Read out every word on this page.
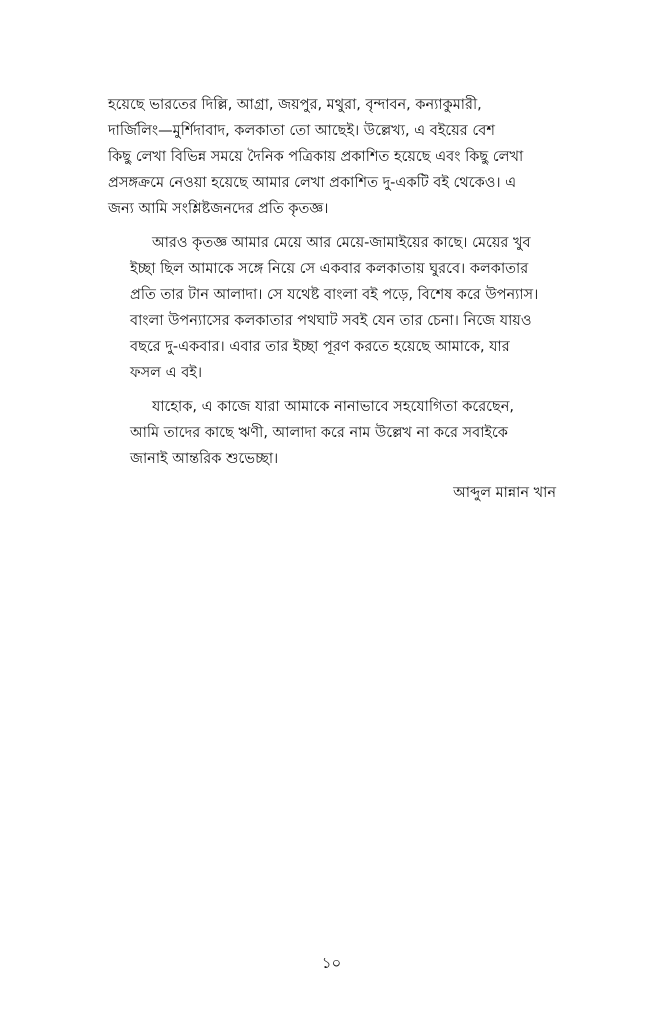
হয়েছে ভারতের দিল্লি, আগ্রা, জয়পুর, মথুরা, বৃন্দাবন, কন্যাকুমারী,
দার্জিলিং—মুর্শিদাবাদ, কলকাতা তো আছেই। উল্লেখ্য, এ বইয়ের বেশ
কিছু লেখা বিভিন্ন সময়ে দৈনিক পত্রিকায় প্রকাশিত হয়েছে এবং কিছু লেখা
প্রসঙ্গক্রমে নেওয়া হয়েছে আমার লেখা প্রকাশিত দু-একটি বই থেকেও। এ
জন্য আমি সংশ্লিষ্টজনদের প্রতি কৃতজ্ঞ।

আরও কৃতজ্ঞ আমার মেয়ে আর মেয়ে-জামাইয়ের কাছে। মেয়ের খুব
ইচ্ছা ছিল আমাকে সঙ্গে নিয়ে সে একবার কলকাতায় ঘুরবে। কলকাতার
প্রতি তার টান আলাদা। সে যথেষ্ট বাংলা বই পড়ে, বিশেষ করে উপন্যাস।
বাংলা উপন্যাসের কলকাতার পথঘাট সবই যেন তার চেনা। নিজে যায়ও
বছরে দু-একবার। এবার তার ইচ্ছা পূরণ করতে হয়েছে আমাকে, যার
ফসল এ বই।

যাহোক, এ কাজে যারা আমাকে নানাভাবে সহযোগিতা করেছেন,
আমি তাদের কাছে ঋণী, আলাদা করে নাম উল্লেখ না করে সবাইকে
জানাই আন্তরিক শুভেচ্ছা।

আব্দুল মান্নান খান
১০
